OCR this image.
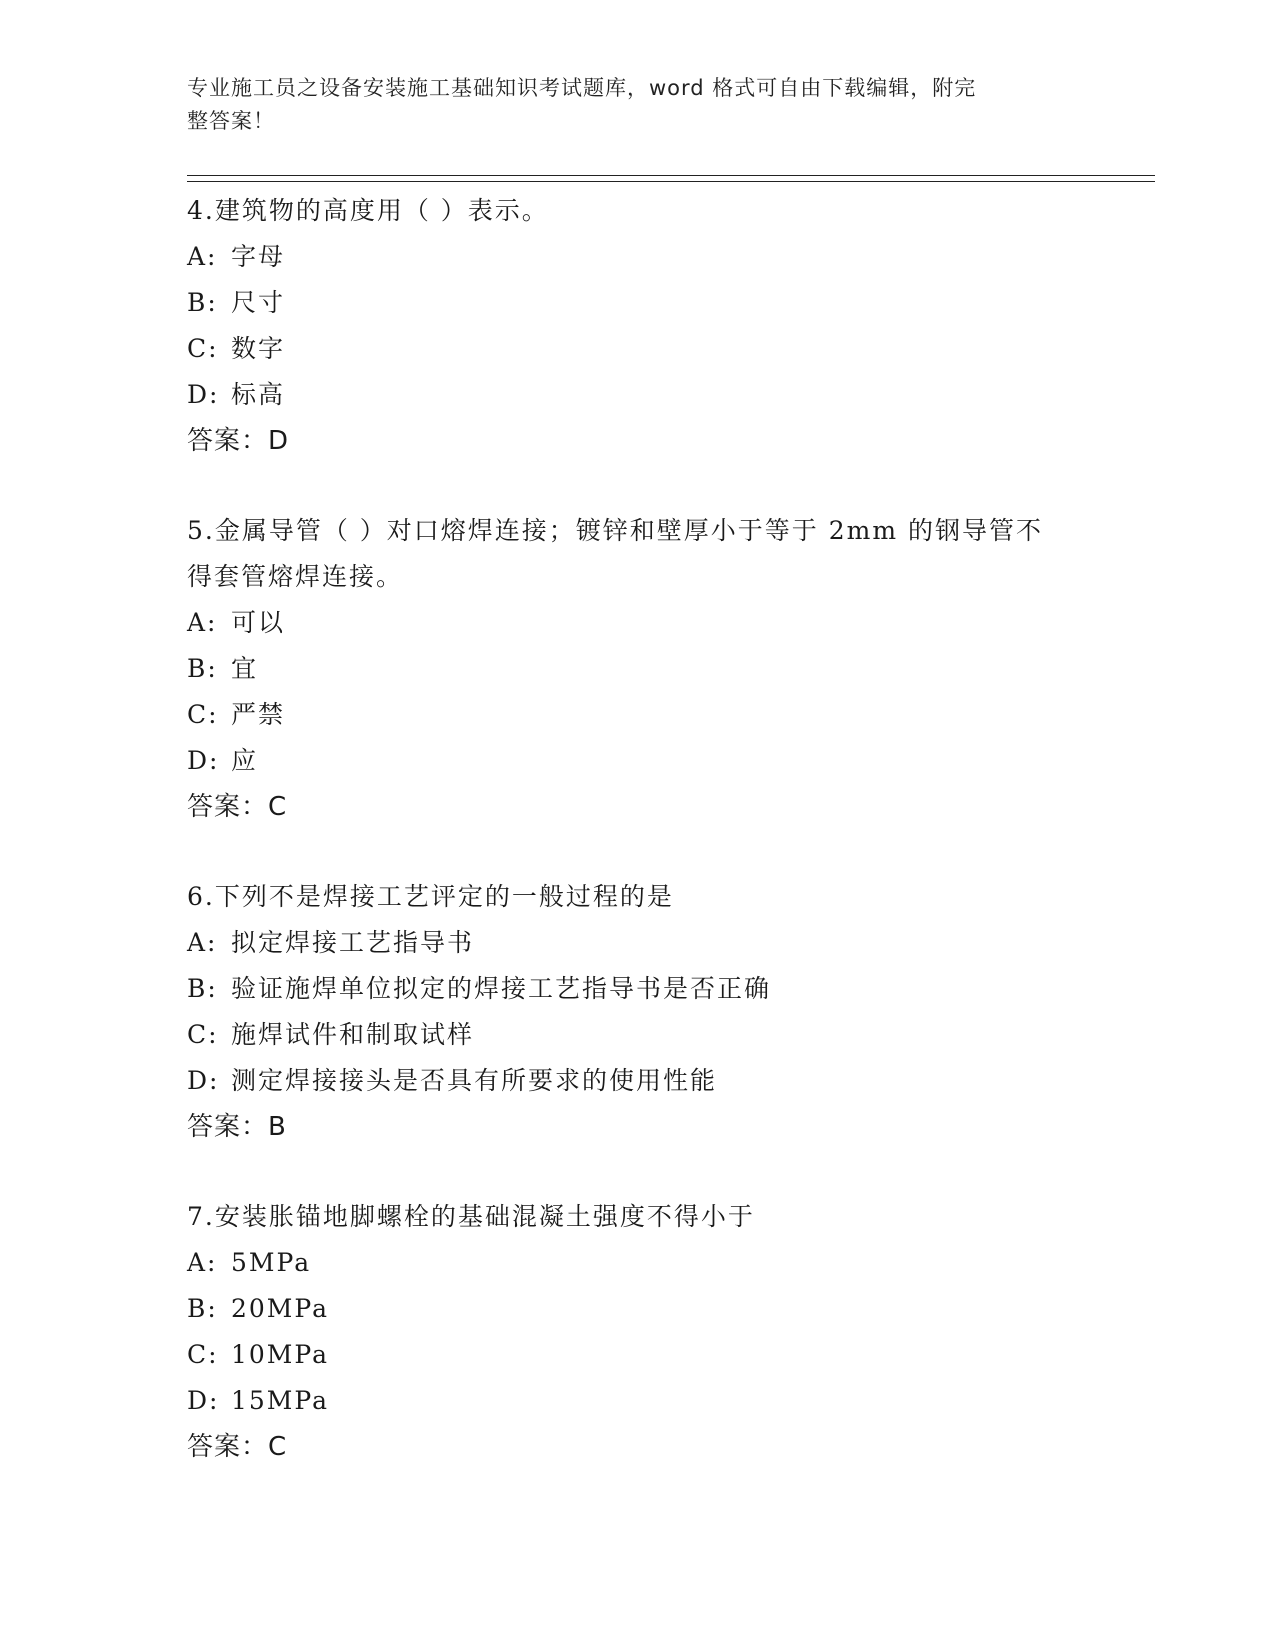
专业施工员之设备安装施工基础知识考试题库，word 格式可自由下载编辑，附完
整答案！
4.建筑物的高度用（ ）表示。
A: 字母
B: 尺寸
C: 数字
D: 标高
答案：D
5.金属导管（ ）对口熔焊连接；镀锌和壁厚小于等于 2mm 的钢导管不
得套管熔焊连接。
A: 可以
B: 宜
C: 严禁
D: 应
答案：C
6.下列不是焊接工艺评定的一般过程的是
A: 拟定焊接工艺指导书
B: 验证施焊单位拟定的焊接工艺指导书是否正确
C: 施焊试件和制取试样
D: 测定焊接接头是否具有所要求的使用性能
答案：B
7.安装胀锚地脚螺栓的基础混凝土强度不得小于
A: 5MPa
B: 20MPa
C: 10MPa
D: 15MPa
答案：C
